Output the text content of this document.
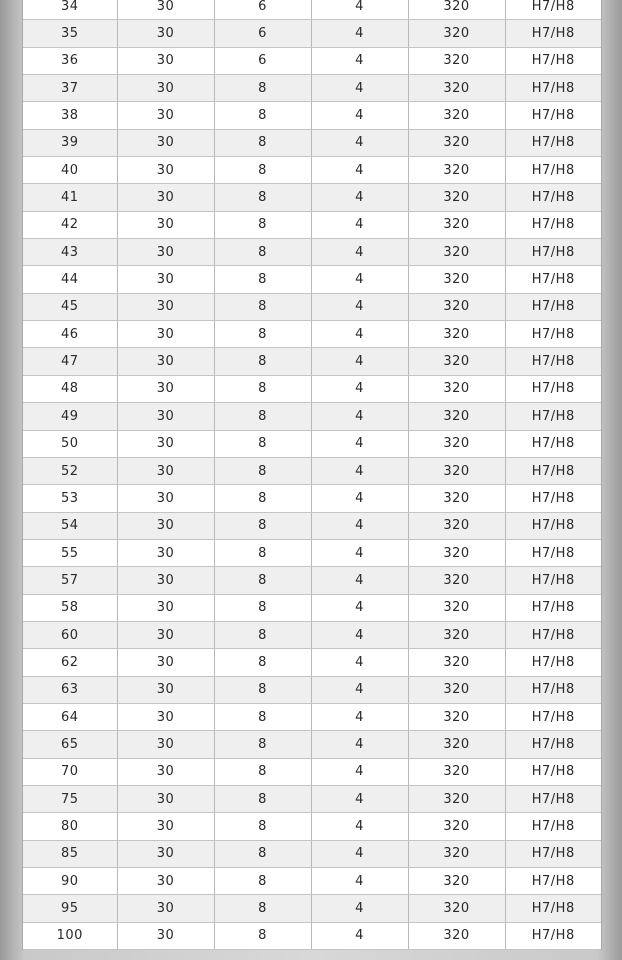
34	30	6	4	320	H7/H8
35	30	6	4	320	H7/H8
36	30	6	4	320	H7/H8
37	30	8	4	320	H7/H8
38	30	8	4	320	H7/H8
39	30	8	4	320	H7/H8
40	30	8	4	320	H7/H8
41	30	8	4	320	H7/H8
42	30	8	4	320	H7/H8
43	30	8	4	320	H7/H8
44	30	8	4	320	H7/H8
45	30	8	4	320	H7/H8
46	30	8	4	320	H7/H8
47	30	8	4	320	H7/H8
48	30	8	4	320	H7/H8
49	30	8	4	320	H7/H8
50	30	8	4	320	H7/H8
52	30	8	4	320	H7/H8
53	30	8	4	320	H7/H8
54	30	8	4	320	H7/H8
55	30	8	4	320	H7/H8
57	30	8	4	320	H7/H8
58	30	8	4	320	H7/H8
60	30	8	4	320	H7/H8
62	30	8	4	320	H7/H8
63	30	8	4	320	H7/H8
64	30	8	4	320	H7/H8
65	30	8	4	320	H7/H8
70	30	8	4	320	H7/H8
75	30	8	4	320	H7/H8
80	30	8	4	320	H7/H8
85	30	8	4	320	H7/H8
90	30	8	4	320	H7/H8
95	30	8	4	320	H7/H8
100	30	8	4	320	H7/H8
